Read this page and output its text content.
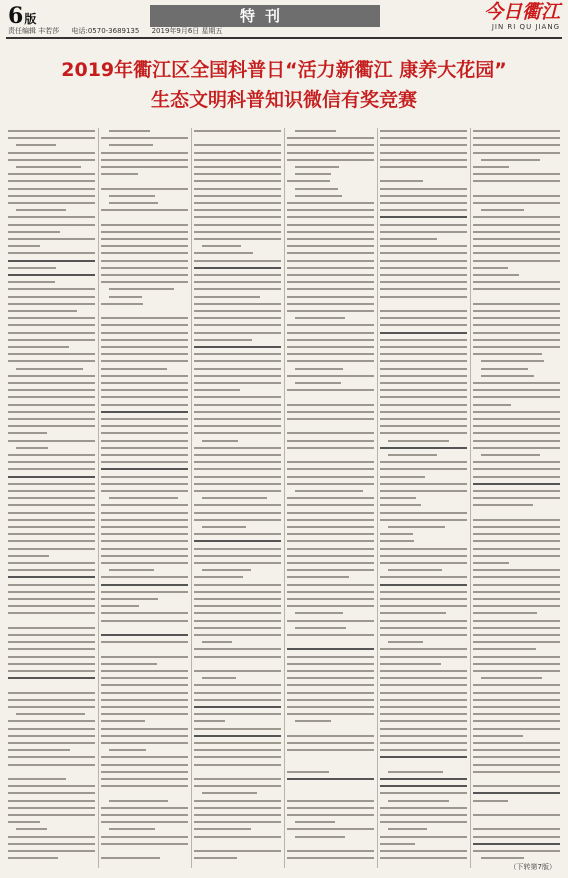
6版	特刊	今日衢江
JIN RI QU JIANG
责任编辑 丰若莎 电话:0570-3689135 2019年9月6日 星期五
2019年衢江区全国科普日“活力新衢江 康养大花园”
生态文明科普知识微信有奖竞赛
（下转第7版）
